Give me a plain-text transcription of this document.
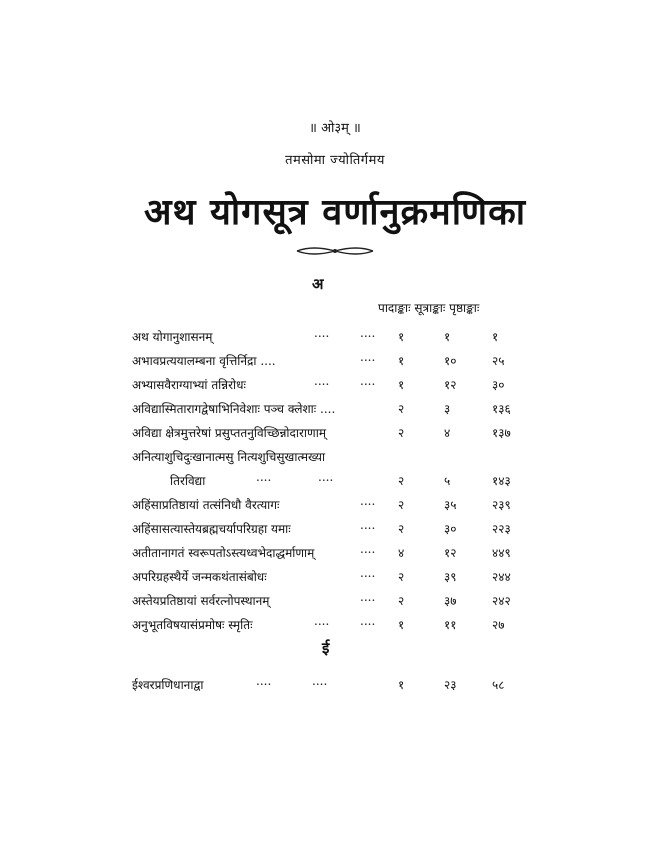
॥ ओ३म् ॥
तमसोमा ज्योतिर्गमय
अथ योगसूत्र वर्णानुक्रमणिका
अ
पादाङ्काः सूत्राङ्काः पृष्ठाङ्काः
अथ योगानुशासनम्	....	.... १	१	१
अभावप्रत्ययालम्बना वृत्तिर्निद्रा ....	.... १	१०	२५
अभ्यासवैराग्याभ्यां तन्निरोधः	....	.... १	१२	३०
अविद्यास्मितारागद्वेषाभिनिवेशाः पञ्च क्लेशाः ....	२	३	१३६
अविद्या क्षेत्रमुत्तरेषां प्रसुप्ततनुविच्छिन्नोदाराणाम्	२	४	१३७
अनित्याशुचिदुःखानात्मसु नित्यशुचिसुखात्मख्या
तिरविद्या	....	....	२	५	१४३
अहिंसाप्रतिष्ठायां तत्संनिधौ वैरत्यागः	.... २	३५	२३९
अहिंसासत्यास्तेयब्रह्मचर्यापरिग्रहा यमाः	.... २	३०	२२३
अतीतानागतं स्वरूपतोऽस्त्यध्वभेदाद्धर्माणाम्	.... ४	१२	४४९
अपरिग्रहस्थैर्ये जन्मकथंतासंबोधः	.... २	३९	२४४
अस्तेयप्रतिष्ठायां सर्वरत्नोपस्थानम्	.... २	३७	२४२
अनुभूतविषयासंप्रमोषः स्मृतिः	....	.... १	११	२७
ई
ईश्वरप्रणिधानाद्वा	....	....	१	२३	५८
